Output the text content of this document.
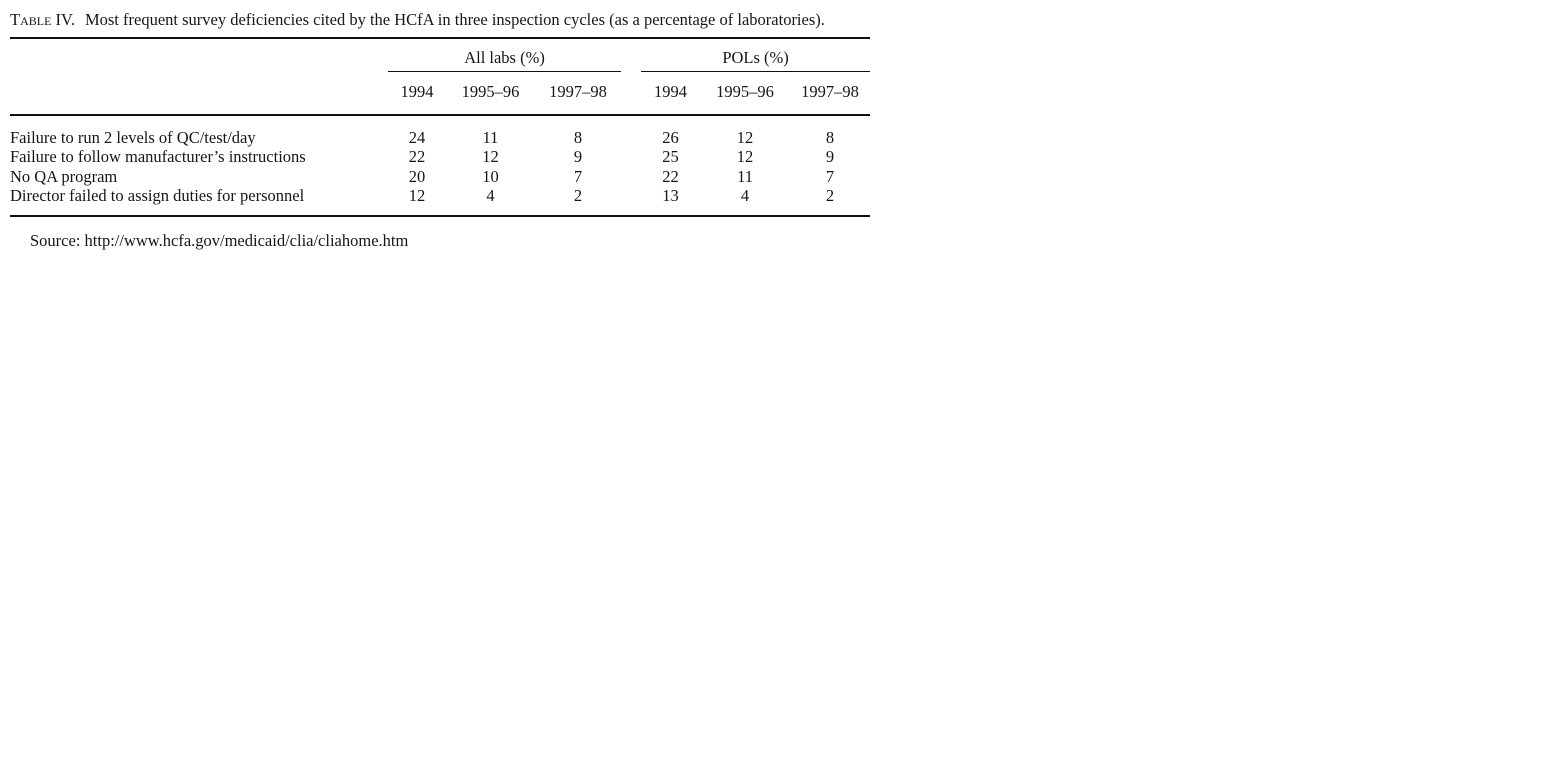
Table IV. Most frequent survey deficiencies cited by the HCfA in three inspection cycles (as a percentage of laboratories).

	All labs (%)				POLs (%)		
	1994	1995–96	1997–98		1994	1995–96	1997–98
Failure to run 2 levels of QC/test/day	24	11	8		26	12	8
Failure to follow manufacturer’s instructions	22	12	9		25	12	9
No QA program	20	10	7		22	11	7
Director failed to assign duties for personnel	12	4	2		13	4	2

Source: http://www.hcfa.gov/medicaid/clia/cliahome.htm
